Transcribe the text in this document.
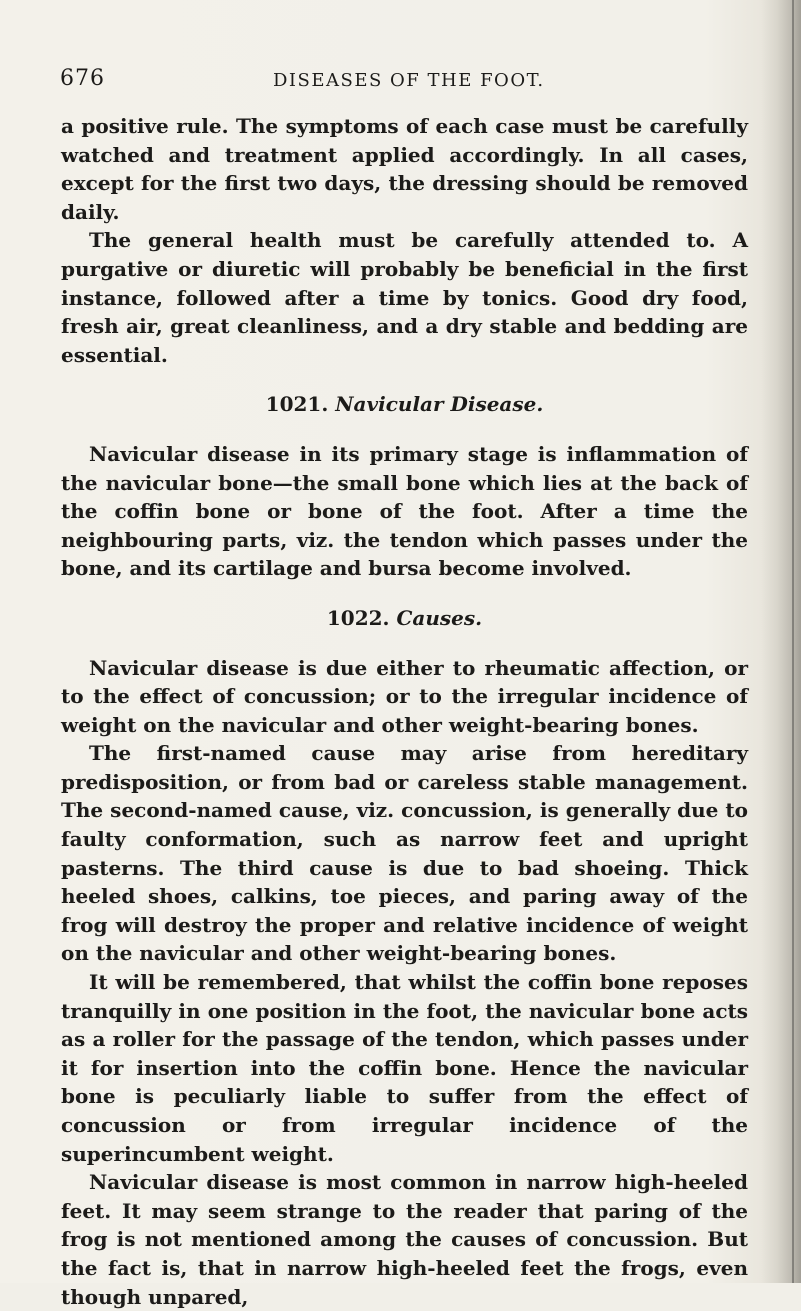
676	DISEASES OF THE FOOT.

a positive rule. The symptoms of each case must be carefully watched and treatment applied accordingly. In all cases, except for the first two days, the dressing should be removed daily.

The general health must be carefully attended to. A purgative or diuretic will probably be beneficial in the first instance, followed after a time by tonics. Good dry food, fresh air, great cleanliness, and a dry stable and bedding are essential.

1021. Navicular Disease.

Navicular disease in its primary stage is inflammation of the navicular bone—the small bone which lies at the back of the coffin bone or bone of the foot. After a time the neighbouring parts, viz. the tendon which passes under the bone, and its cartilage and bursa become involved.

1022. Causes.

Navicular disease is due either to rheumatic affection, or to the effect of concussion; or to the irregular incidence of weight on the navicular and other weight-bearing bones.

The first-named cause may arise from hereditary predisposition, or from bad or careless stable management. The second-named cause, viz. concussion, is generally due to faulty conformation, such as narrow feet and upright pasterns. The third cause is due to bad shoeing. Thick heeled shoes, calkins, toe pieces, and paring away of the frog will destroy the proper and relative incidence of weight on the navicular and other weight-bearing bones.

It will be remembered, that whilst the coffin bone reposes tranquilly in one position in the foot, the navicular bone acts as a roller for the passage of the tendon, which passes under it for insertion into the coffin bone. Hence the navicular bone is peculiarly liable to suffer from the effect of concussion or from irregular incidence of the superincumbent weight.

Navicular disease is most common in narrow high-heeled feet. It may seem strange to the reader that paring of the frog is not mentioned among the causes of concussion. But the fact is, that in narrow high-heeled feet the frogs, even though unpared,
